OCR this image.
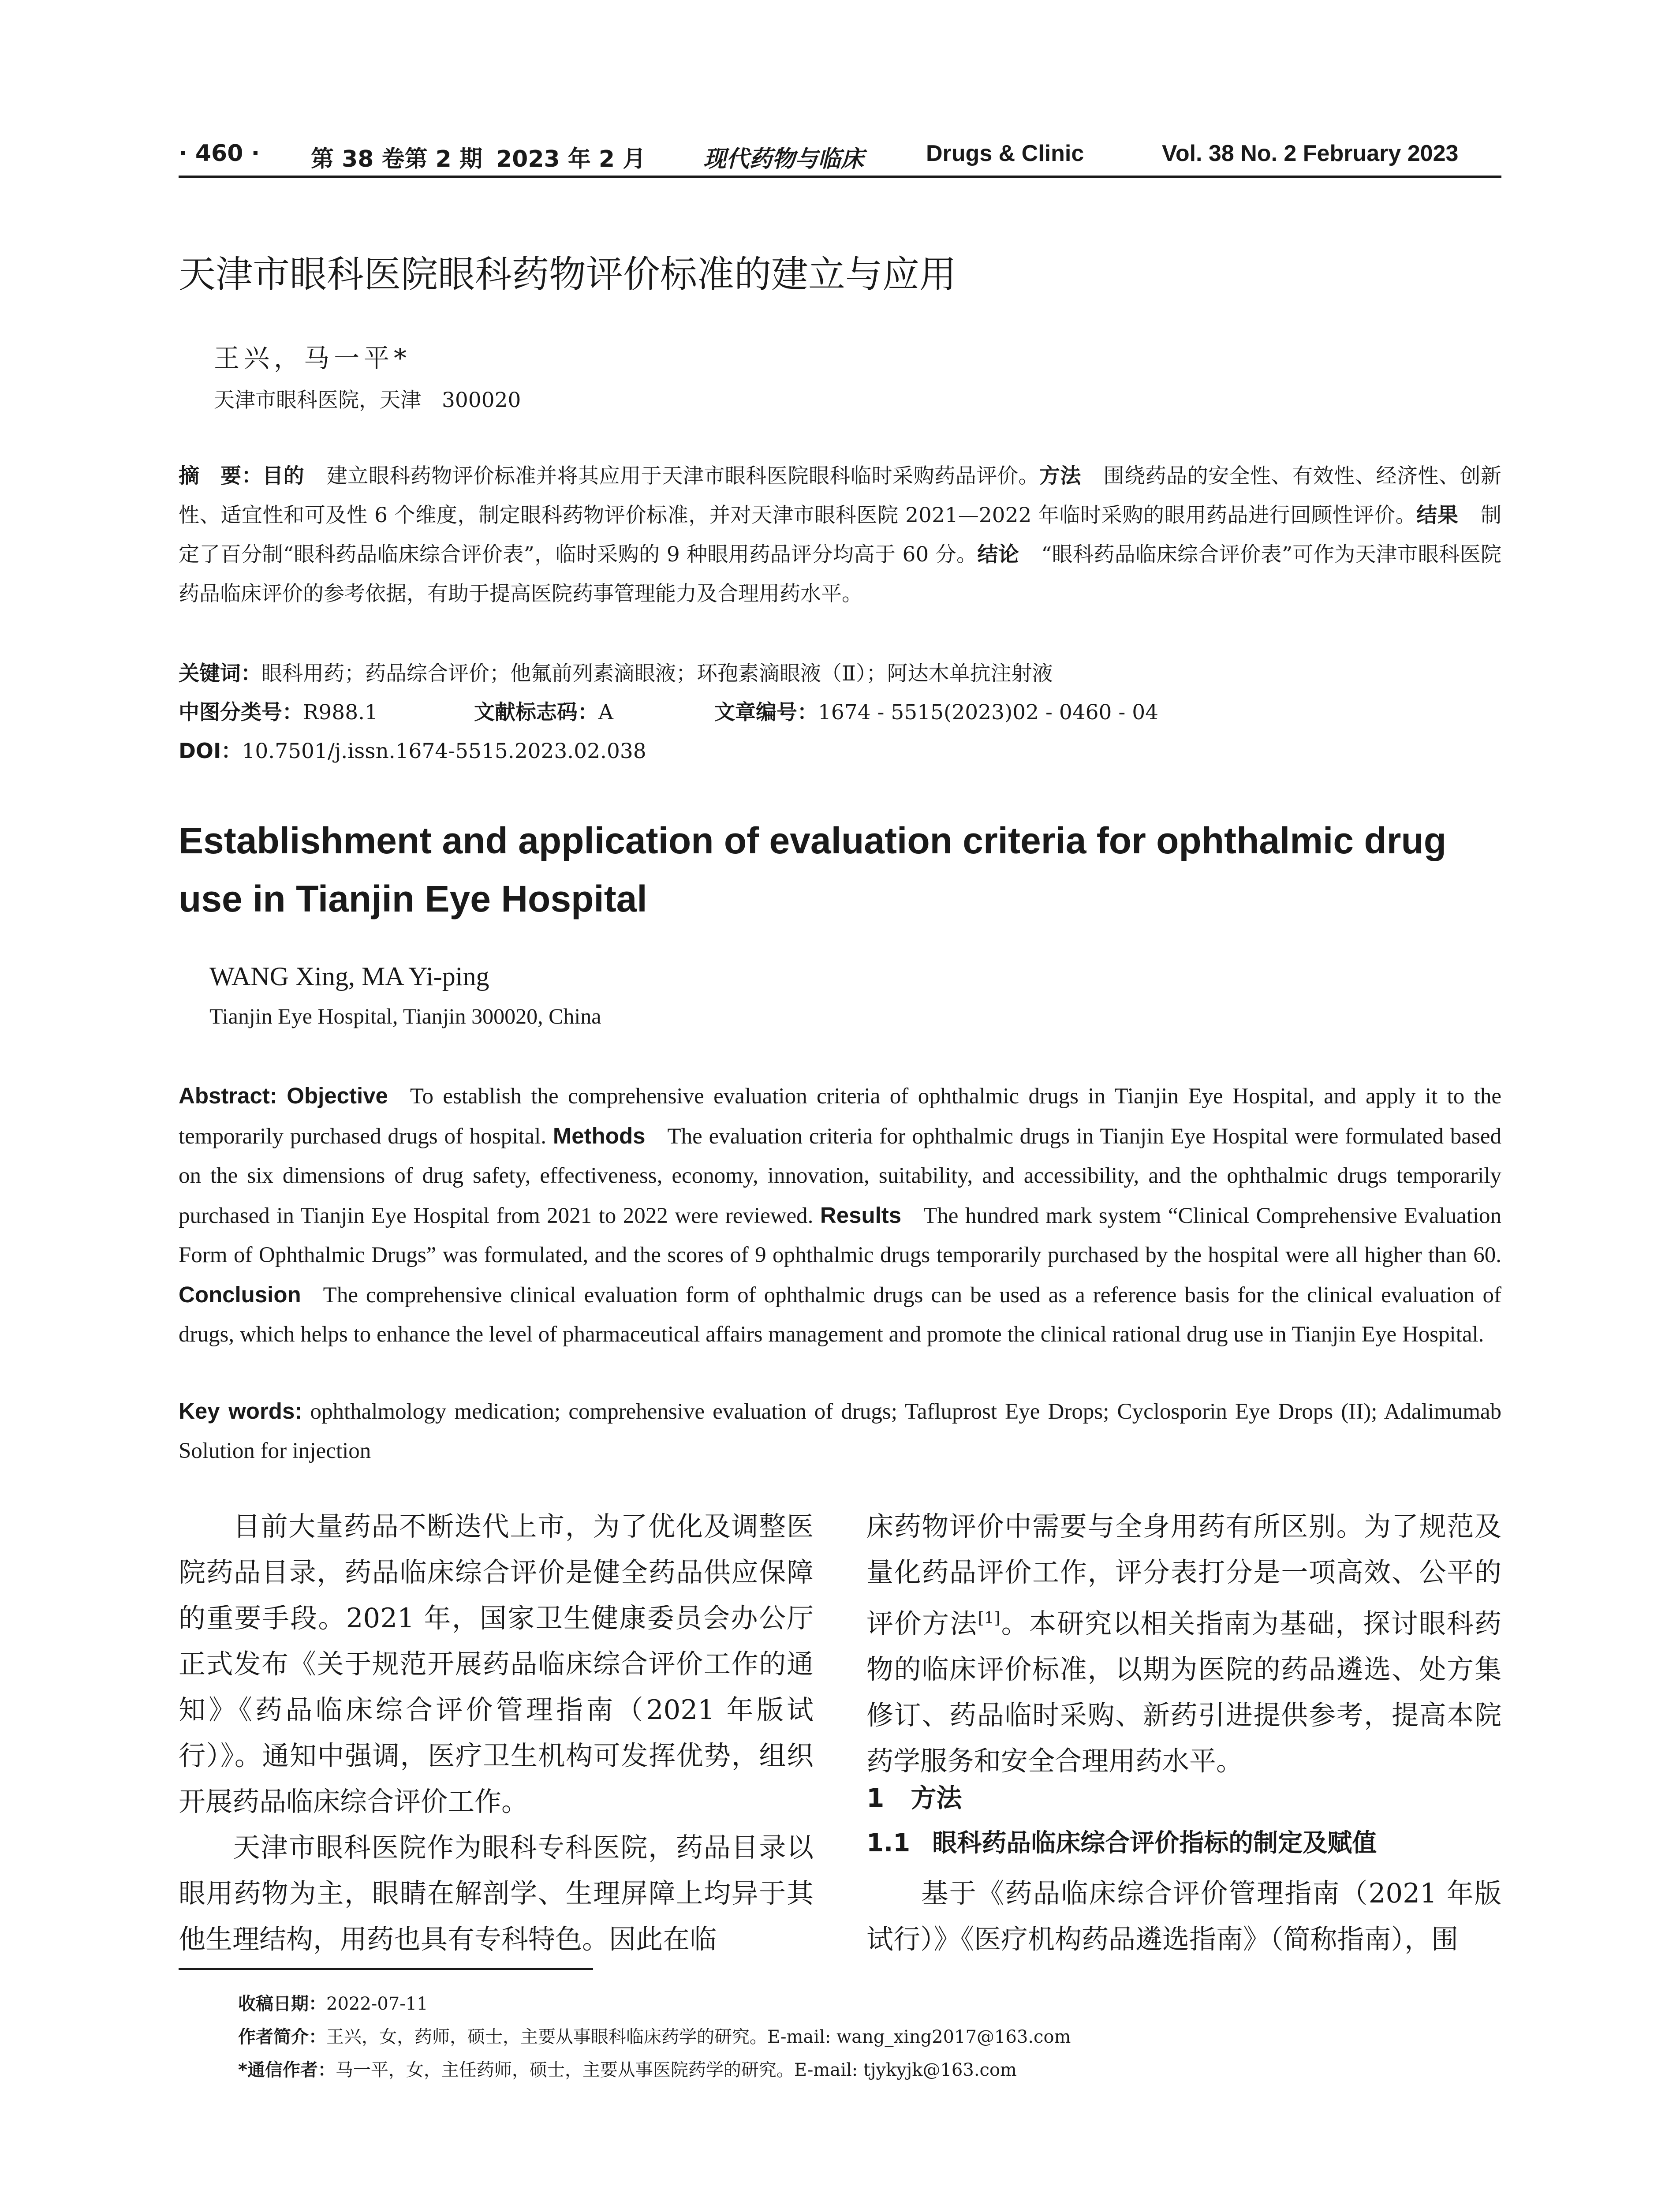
· 460 · 第 38 卷第 2 期 2023 年 2 月	现代药物与临床	Drugs & Clinic	Vol. 38 No. 2 February 2023
天津市眼科医院眼科药物评价标准的建立与应用
王兴，马一平*
天津市眼科医院，天津　300020

摘　要：目的 建立眼科药物评价标准并将其应用于天津市眼科医院眼科临时采购药品评价。方法 围绕药品的安全性、有效性、经济性、创新性、适宜性和可及性 6 个维度，制定眼科药物评价标准，并对天津市眼科医院 2021—2022 年临时采购的眼用药品进行回顾性评价。结果 制定了百分制“眼科药品临床综合评价表”，临时采购的 9 种眼用药品评分均高于 60 分。结论 “眼科药品临床综合评价表”可作为天津市眼科医院药品临床评价的参考依据，有助于提高医院药事管理能力及合理用药水平。

关键词：眼科用药；药品综合评价；他氟前列素滴眼液；环孢素滴眼液（Ⅱ）；阿达木单抗注射液
中图分类号：R988.1	文献标志码：A	文章编号：1674 - 5515(2023)02 - 0460 - 04
DOI：10.7501/j.issn.1674-5515.2023.02.038

Establishment and application of evaluation criteria for ophthalmic drug use in Tianjin Eye Hospital

WANG Xing, MA Yi-ping
Tianjin Eye Hospital, Tianjin 300020, China

Abstract: Objective To establish the comprehensive evaluation criteria of ophthalmic drugs in Tianjin Eye Hospital, and apply it to the temporarily purchased drugs of hospital. Methods The evaluation criteria for ophthalmic drugs in Tianjin Eye Hospital were formulated based on the six dimensions of drug safety, effectiveness, economy, innovation, suitability, and accessibility, and the ophthalmic drugs temporarily purchased in Tianjin Eye Hospital from 2021 to 2022 were reviewed. Results The hundred mark system “Clinical Comprehensive Evaluation Form of Ophthalmic Drugs” was formulated, and the scores of 9 ophthalmic drugs temporarily purchased by the hospital were all higher than 60. Conclusion The comprehensive clinical evaluation form of ophthalmic drugs can be used as a reference basis for the clinical evaluation of drugs, which helps to enhance the level of pharmaceutical affairs management and promote the clinical rational drug use in Tianjin Eye Hospital.

Key words: ophthalmology medication; comprehensive evaluation of drugs; Tafluprost Eye Drops; Cyclosporin Eye Drops (II); Adalimumab Solution for injection

目前大量药品不断迭代上市，为了优化及调整医院药品目录，药品临床综合评价是健全药品供应保障的重要手段。2021 年，国家卫生健康委员会办公厅正式发布《关于规范开展药品临床综合评价工作的通知》《药品临床综合评价管理指南（2021 年版试行）》。通知中强调，医疗卫生机构可发挥优势，组织开展药品临床综合评价工作。

天津市眼科医院作为眼科专科医院，药品目录以眼用药物为主，眼睛在解剖学、生理屏障上均异于其他生理结构，用药也具有专科特色。因此在临

床药物评价中需要与全身用药有所区别。为了规范及量化药品评价工作，评分表打分是一项高效、公平的评价方法[1]。本研究以相关指南为基础，探讨眼科药物的临床评价标准，以期为医院的药品遴选、处方集修订、药品临时采购、新药引进提供参考，提高本院药学服务和安全合理用药水平。

1 方法
1.1 眼科药品临床综合评价指标的制定及赋值

基于《药品临床综合评价管理指南（2021 年版试行）》《医疗机构药品遴选指南》（简称指南），围

收稿日期：2022-07-11
作者简介：王兴，女，药师，硕士，主要从事眼科临床药学的研究。E-mail: wang_xing2017@163.com
*通信作者：马一平，女，主任药师，硕士，主要从事医院药学的研究。E-mail: tjykyjk@163.com
